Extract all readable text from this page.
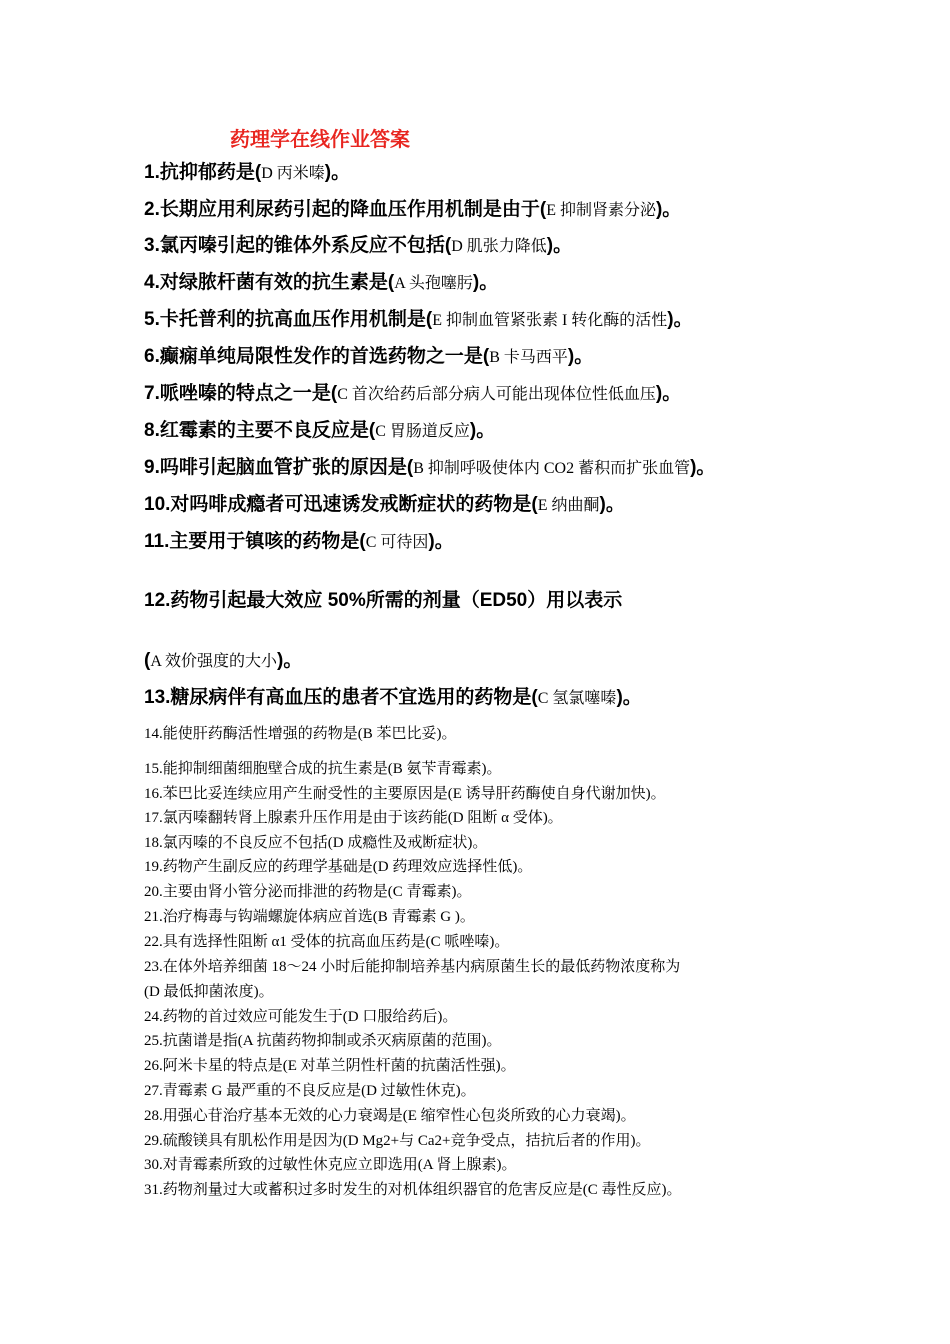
药理学在线作业答案
1.抗抑郁药是(D 丙米嗪)。
2.长期应用利尿药引起的降血压作用机制是由于(E 抑制肾素分泌)。
3.氯丙嗪引起的锥体外系反应不包括(D 肌张力降低)。
4.对绿脓杆菌有效的抗生素是(A 头孢噻肟)。
5.卡托普利的抗高血压作用机制是(E 抑制血管紧张素 I 转化酶的活性)。
6.癫痫单纯局限性发作的首选药物之一是(B 卡马西平)。
7.哌唑嗪的特点之一是(C 首次给药后部分病人可能出现体位性低血压)。
8.红霉素的主要不良反应是(C 胃肠道反应)。
9.吗啡引起脑血管扩张的原因是(B 抑制呼吸使体内 CO2 蓄积而扩张血管)。
10.对吗啡成瘾者可迅速诱发戒断症状的药物是(E 纳曲酮)。
11.主要用于镇咳的药物是(C 可待因)。
12.药物引起最大效应 50%所需的剂量（ED50）用以表示
(A 效价强度的大小)。
13.糖尿病伴有高血压的患者不宜选用的药物是(C 氢氯噻嗪)。
14.能使肝药酶活性增强的药物是(B 苯巴比妥)。
15.能抑制细菌细胞壁合成的抗生素是(B 氨苄青霉素)。
16.苯巴比妥连续应用产生耐受性的主要原因是(E 诱导肝药酶使自身代谢加快)。
17.氯丙嗪翻转肾上腺素升压作用是由于该药能(D 阻断 α 受体)。
18.氯丙嗪的不良反应不包括(D 成瘾性及戒断症状)。
19.药物产生副反应的药理学基础是(D 药理效应选择性低)。
20.主要由肾小管分泌而排泄的药物是(C 青霉素)。
21.治疗梅毒与钩端螺旋体病应首选(B 青霉素 G )。
22.具有选择性阻断 α1 受体的抗高血压药是(C 哌唑嗪)。
23.在体外培养细菌 18～24 小时后能抑制培养基内病原菌生长的最低药物浓度称为
(D 最低抑菌浓度)。
24.药物的首过效应可能发生于(D 口服给药后)。
25.抗菌谱是指(A 抗菌药物抑制或杀灭病原菌的范围)。
26.阿米卡星的特点是(E 对革兰阴性杆菌的抗菌活性强)。
27.青霉素 G 最严重的不良反应是(D 过敏性休克)。
28.用强心苷治疗基本无效的心力衰竭是(E 缩窄性心包炎所致的心力衰竭)。
29.硫酸镁具有肌松作用是因为(D Mg2+与 Ca2+竞争受点，拮抗后者的作用)。
30.对青霉素所致的过敏性休克应立即选用(A 肾上腺素)。
31.药物剂量过大或蓄积过多时发生的对机体组织器官的危害反应是(C 毒性反应)。
